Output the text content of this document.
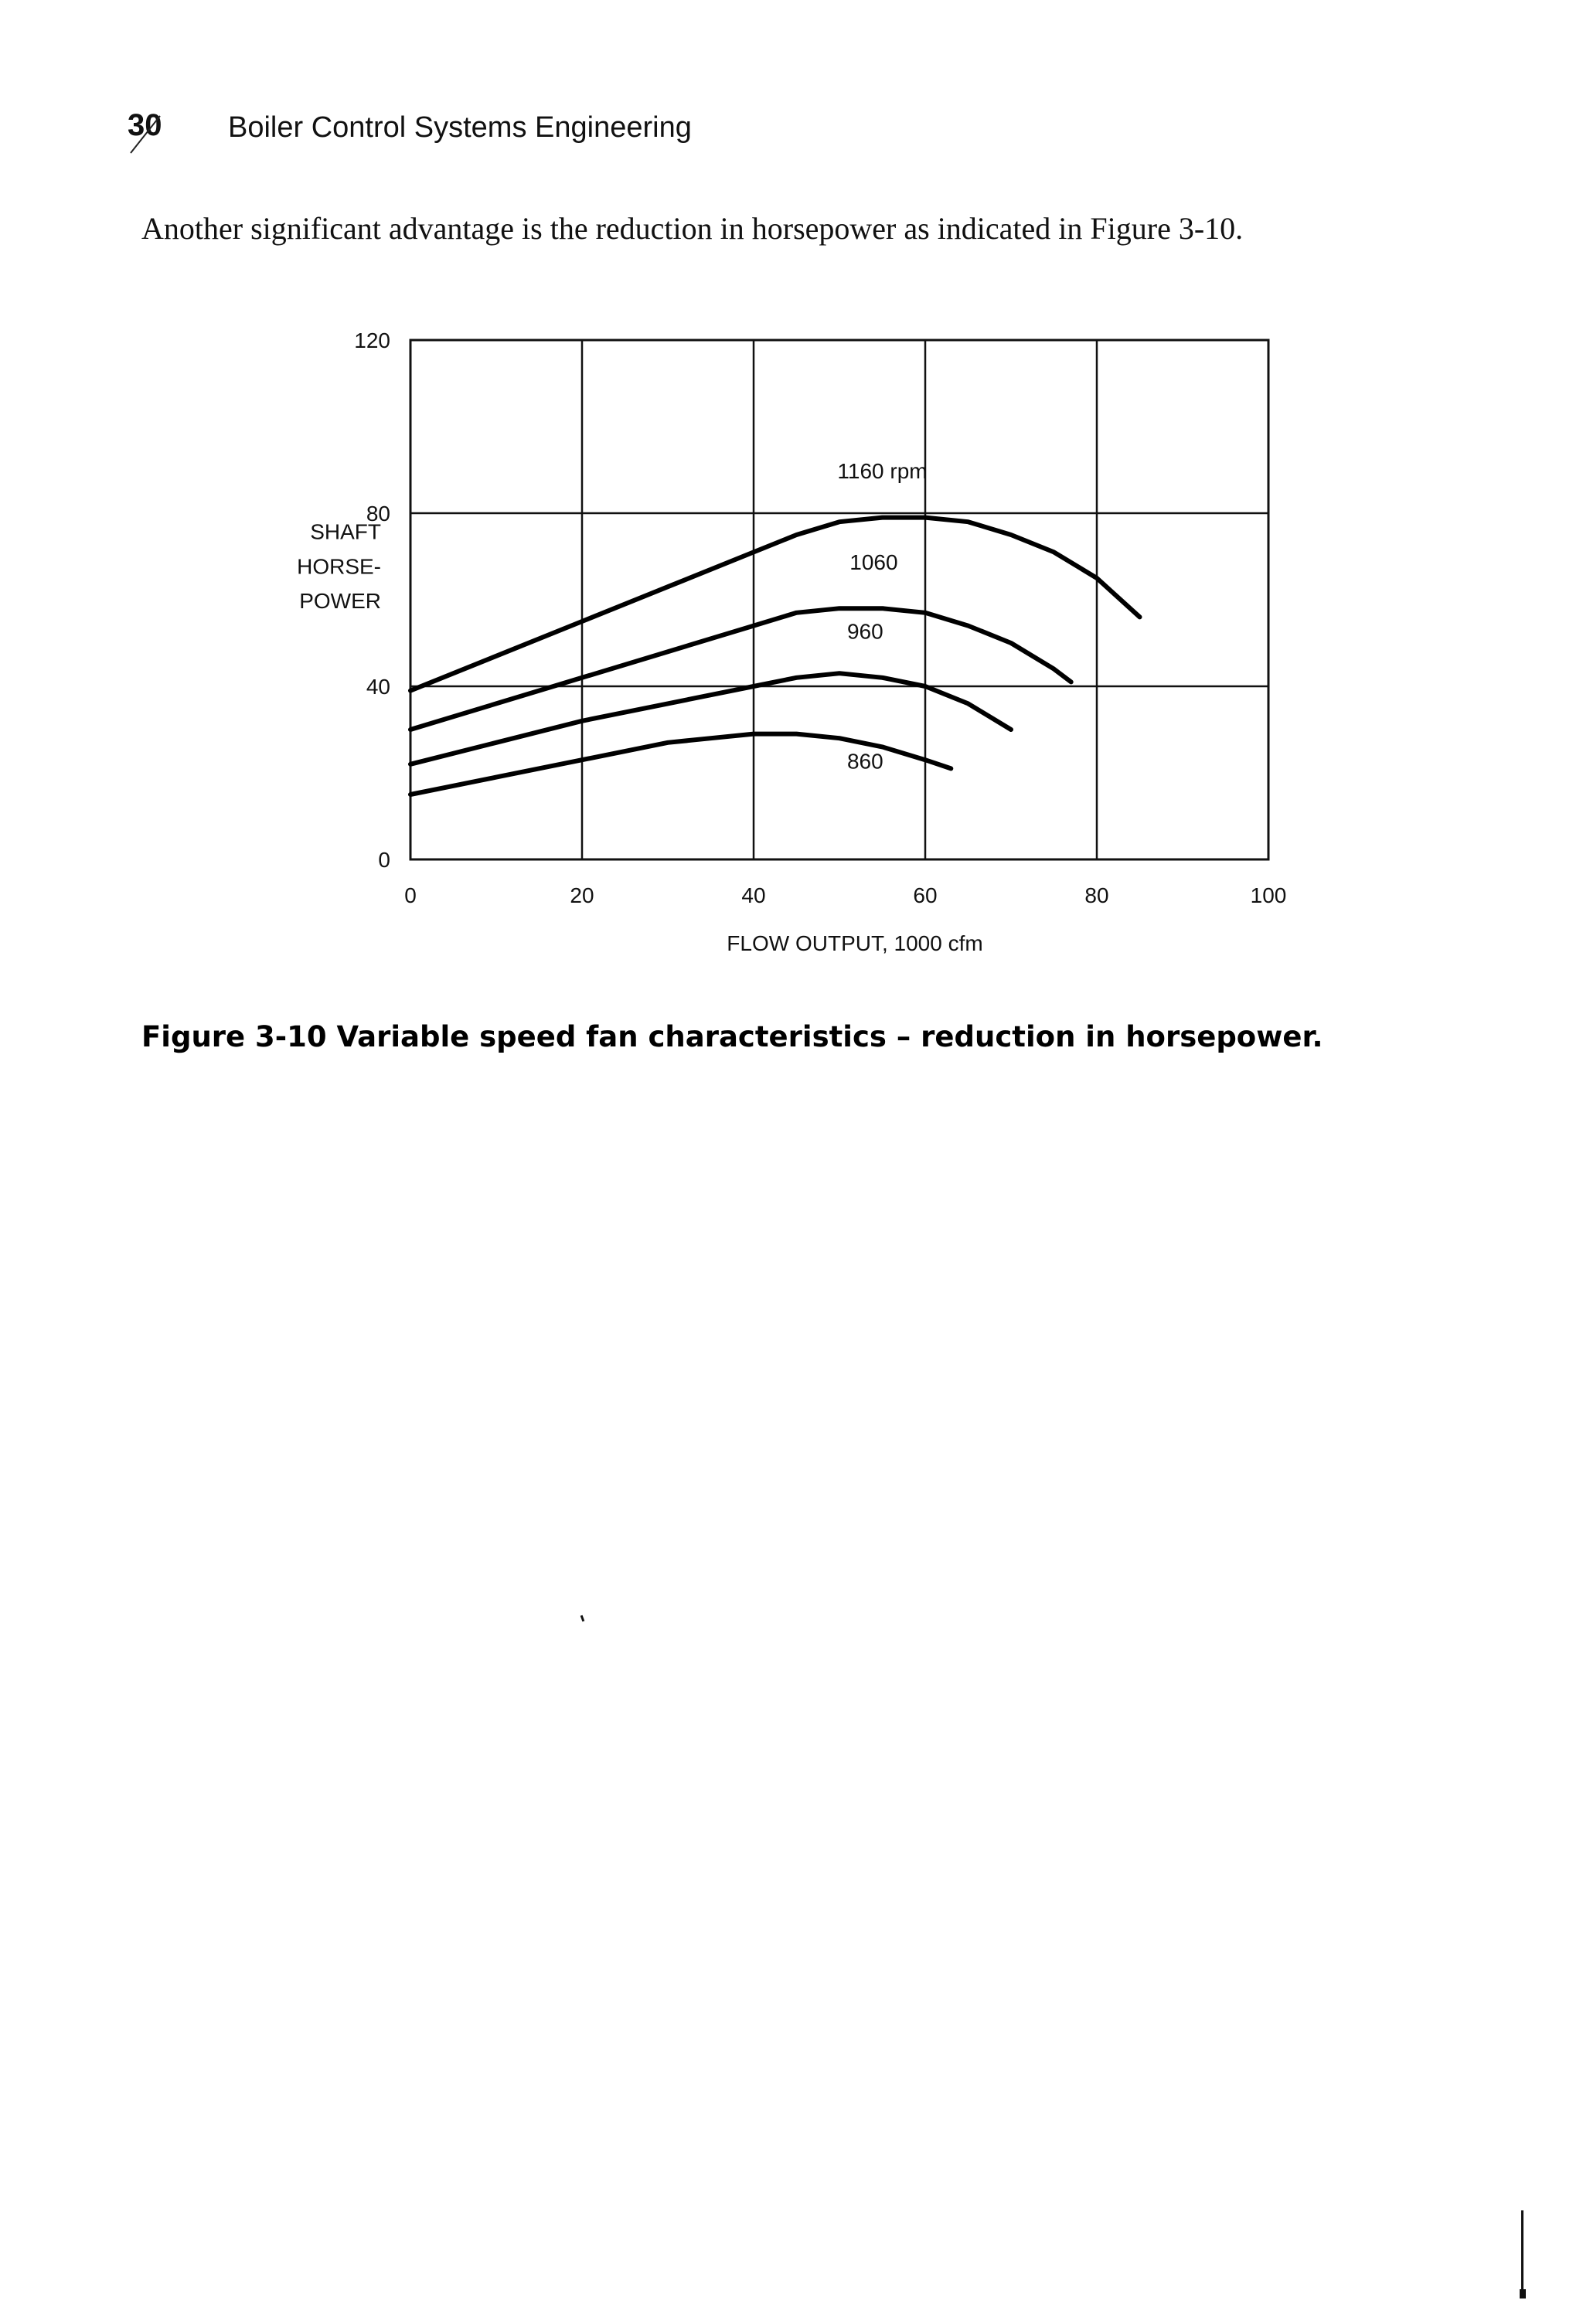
30 Boiler Control Systems Engineering
Another significant advantage is the reduction in horsepower as indicated in Figure 3-10.
0	20	40	60	80	100
0
40
80
120
1160 rpm
1060
960
860
FLOW OUTPUT, 1000 cfm
SHAFT
HORSE-
POWER
Figure 3-10 Variable speed fan characteristics – reduction in horsepower.
